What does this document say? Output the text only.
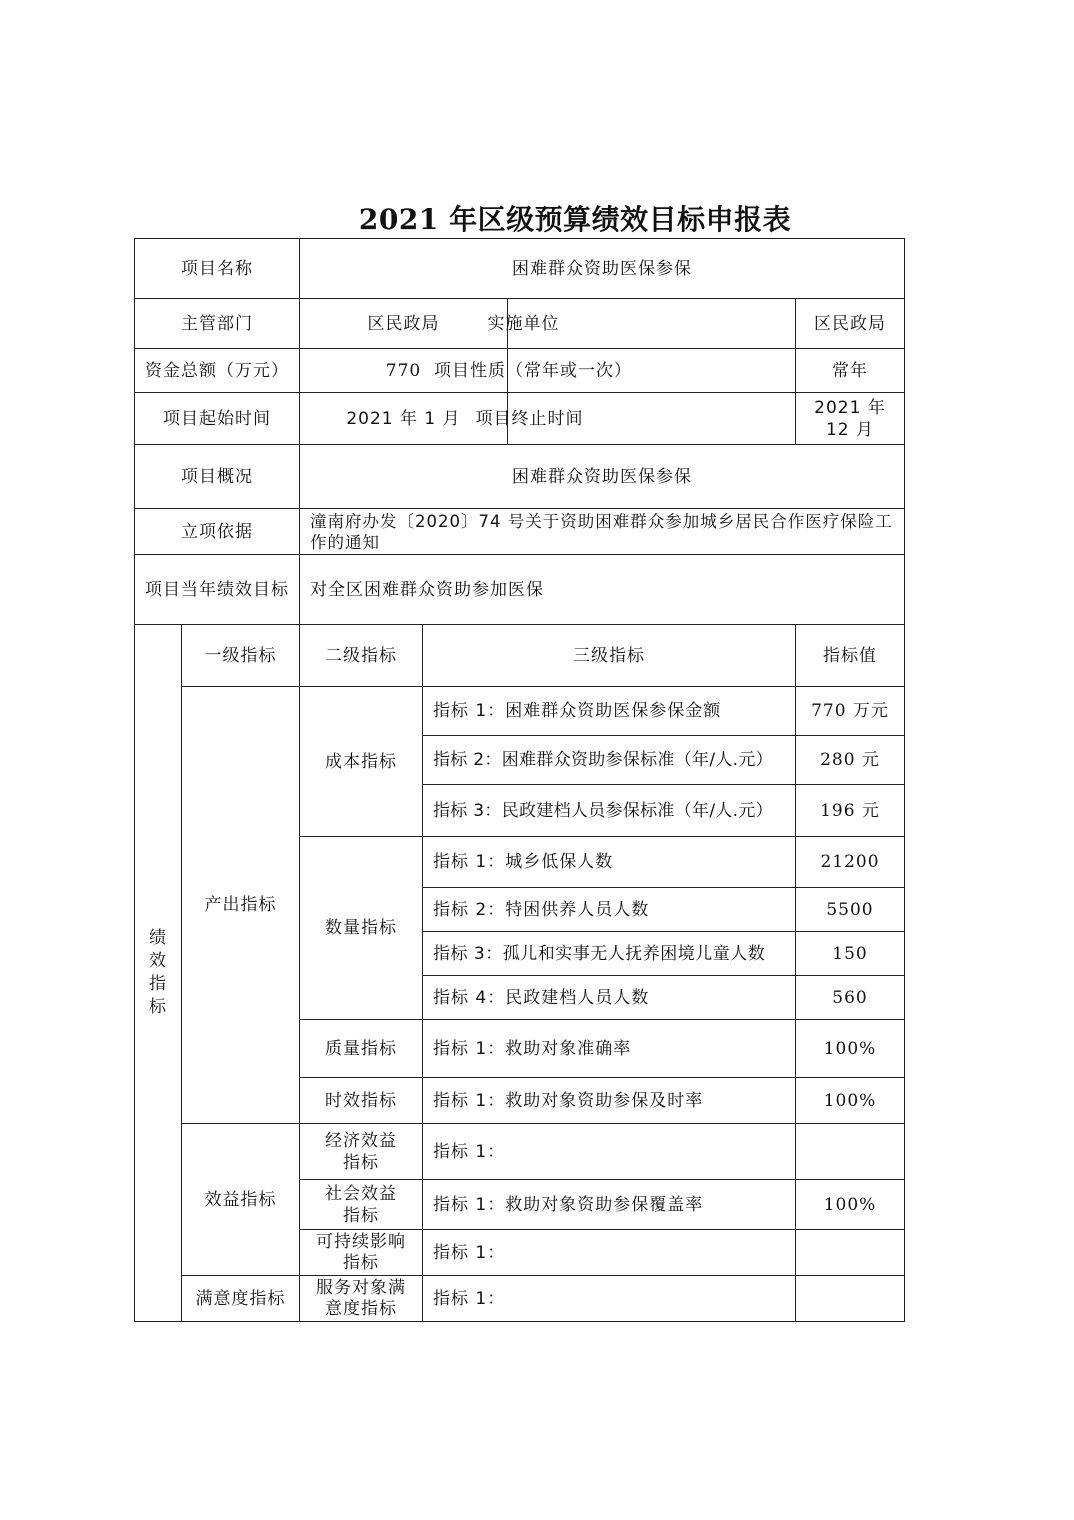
2021 年区级预算绩效目标申报表
项目名称		困难群众资助医保参保			
主管部门		区民政局		实施单位	区民政局
资金总额（万元）		770		项目性质（常年或一次）	常年
项目起始时间		2021 年 1 月		项目终止时间	2021 年 12 月
项目概况		困难群众资助医保参保			
立项依据		潼南府办发〔2020〕74 号关于资助困难群众参加城乡居民合作医疗保险工作的通知			
项目当年绩效目标		对全区困难群众资助参加医保			
绩效指标	一级指标	二级指标	三级指标		指标值
	产出指标	成本指标	指标 1：困难群众资助医保参保金额		770 万元
			指标 2：困难群众资助参保标准（年/人.元）		280 元
			指标 3：民政建档人员参保标准（年/人.元）		196 元
		数量指标	指标 1：城乡低保人数		21200
			指标 2：特困供养人员人数		5500
			指标 3：孤儿和实事无人抚养困境儿童人数		150
			指标 4：民政建档人员人数		560
		质量指标	指标 1：救助对象准确率		100%
		时效指标	指标 1：救助对象资助参保及时率		100%
	效益指标	经济效益指标	指标 1：		

		社会效益指标	指标 1：救助对象资助参保覆盖率		100%

		可持续影响指标	指标 1：		
	满意度指标	服务对象满意度指标	指标 1：		
